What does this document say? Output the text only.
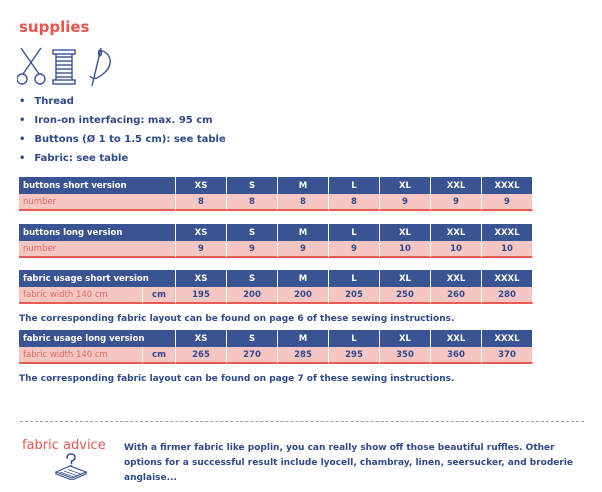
supplies
• Thread
• Iron-on interfacing: max. 95 cm
• Buttons (Ø 1 to 1.5 cm): see table
• Fabric: see table
buttons short version	XS	S	M	L	XL	XXL	XXXL
number	8	8	8	8	9	9	9
buttons long version	XS	S	M	L	XL	XXL	XXXL
number	9	9	9	9	10	10	10
fabric usage short version		XS	S	M	L	XL	XXL	XXXL
fabric width 140 cm	cm	195	200	200	205	250	260	280
The corresponding fabric layout can be found on page 6 of these sewing instructions.
fabric usage long version		XS	S	M	L	XL	XXL	XXXL
fabric width 140 cm	cm	265	270	285	295	350	360	370
The corresponding fabric layout can be found on page 7 of these sewing instructions.
fabric advice With a firmer fabric like poplin, you can really show off those beautiful ruffles. Other options for a successful result include lyocell, chambray, linen, seersucker, and broderie anglaise...
